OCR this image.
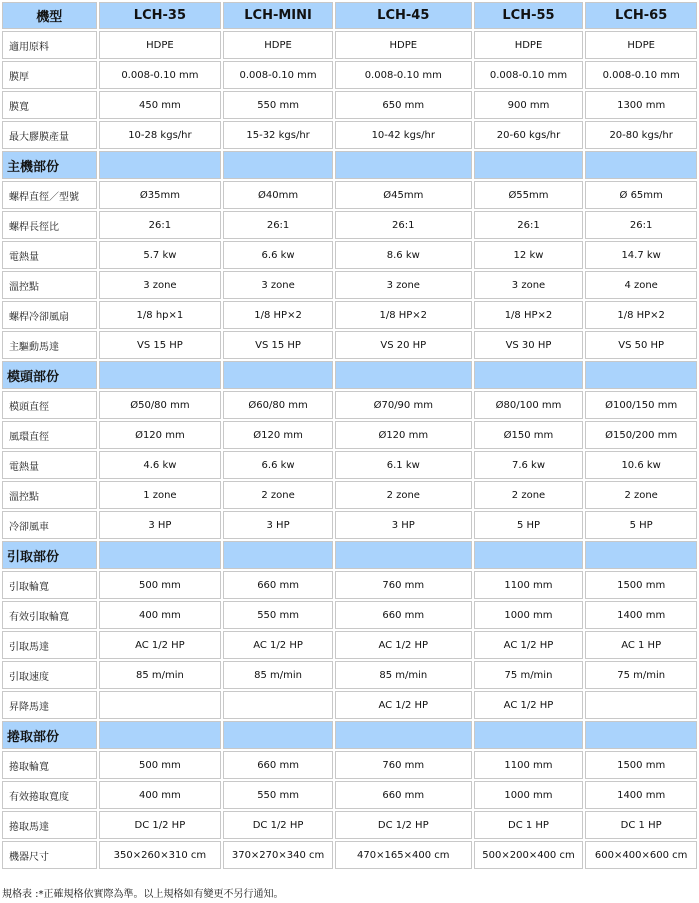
機型	LCH-35	LCH-MINI	LCH-45	LCH-55	LCH-65
適用原料	HDPE	HDPE	HDPE	HDPE	HDPE
膜厚	0.008-0.10 mm	0.008-0.10 mm	0.008-0.10 mm	0.008-0.10 mm	0.008-0.10 mm
膜寬	450 mm	550 mm	650 mm	900 mm	1300 mm
最大膠膜產量	10-28 kgs/hr	15-32 kgs/hr	10-42 kgs/hr	20-60 kgs/hr	20-80 kgs/hr
主機部份					
螺桿直徑／型號	Ø35mm	Ø40mm	Ø45mm	Ø55mm	Ø 65mm
螺桿長徑比	26:1	26:1	26:1	26:1	26:1
電熱量	5.7 kw	6.6 kw	8.6 kw	12 kw	14.7 kw
溫控點	3 zone	3 zone	3 zone	3 zone	4 zone
螺桿冷卻風扇	1/8 hp×1	1/8 HP×2	1/8 HP×2	1/8 HP×2	1/8 HP×2
主驅動馬達	VS 15 HP	VS 15 HP	VS 20 HP	VS 30 HP	VS 50 HP
模頭部份					
模頭直徑	Ø50/80 mm	Ø60/80 mm	Ø70/90 mm	Ø80/100 mm	Ø100/150 mm
風環直徑	Ø120 mm	Ø120 mm	Ø120 mm	Ø150 mm	Ø150/200 mm
電熱量	4.6 kw	6.6 kw	6.1 kw	7.6 kw	10.6 kw
溫控點	1 zone	2 zone	2 zone	2 zone	2 zone
冷卻風車	3 HP	3 HP	3 HP	5 HP	5 HP
引取部份					
引取輪寬	500 mm	660 mm	760 mm	1100 mm	1500 mm
有效引取輪寬	400 mm	550 mm	660 mm	1000 mm	1400 mm
引取馬達	AC 1/2 HP	AC 1/2 HP	AC 1/2 HP	AC 1/2 HP	AC 1 HP
引取速度	85 m/min	85 m/min	85 m/min	75 m/min	75 m/min
昇降馬達			AC 1/2 HP	AC 1/2 HP	
捲取部份					
捲取輪寬	500 mm	660 mm	760 mm	1100 mm	1500 mm
有效捲取寬度	400 mm	550 mm	660 mm	1000 mm	1400 mm
捲取馬達	DC 1/2 HP	DC 1/2 HP	DC 1/2 HP	DC 1 HP	DC 1 HP
機器尺寸	350×260×310 cm	370×270×340 cm	470×165×400 cm	500×200×400 cm	600×400×600 cm
規格表 :*正確規格依實際為準。以上規格如有變更不另行通知。
